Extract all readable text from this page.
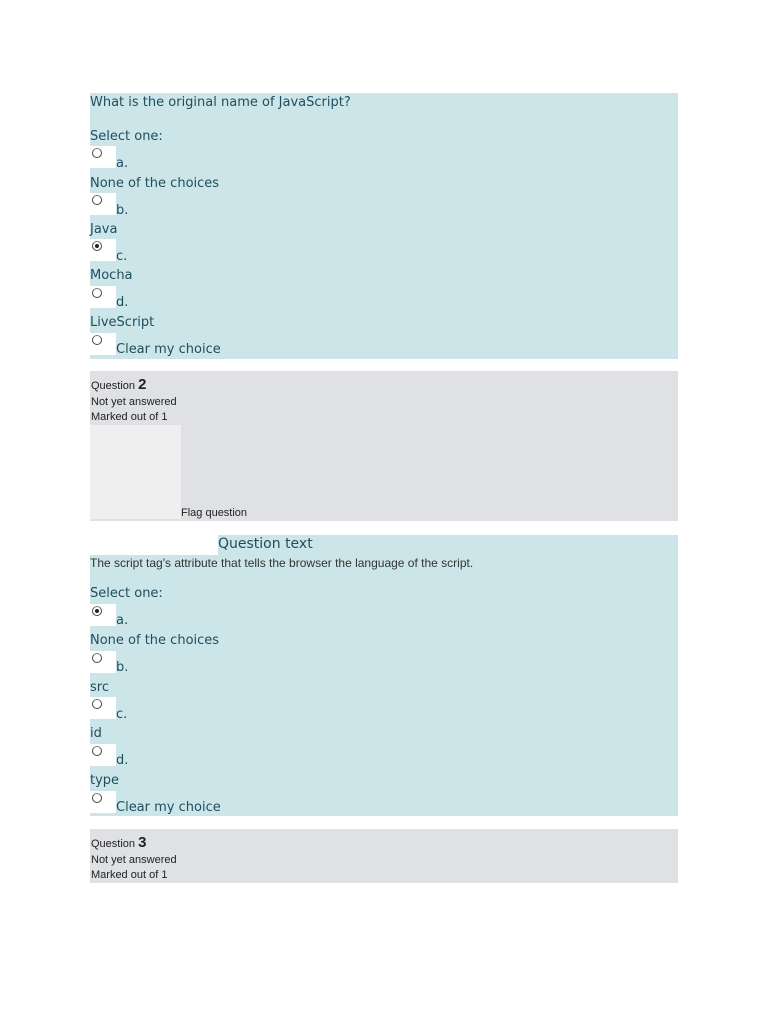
What is the original name of JavaScript?
Select one:
a.
None of the choices
b.
Java
c.
Mocha
d.
LiveScript
Clear my choice
Question 2
Not yet answered
Marked out of 1
Flag question
Question text
The script tag's attribute that tells the browser the language of the script.
Select one:
a.
None of the choices
b.
src
c.
id
d.
type
Clear my choice
Question 3
Not yet answered
Marked out of 1
